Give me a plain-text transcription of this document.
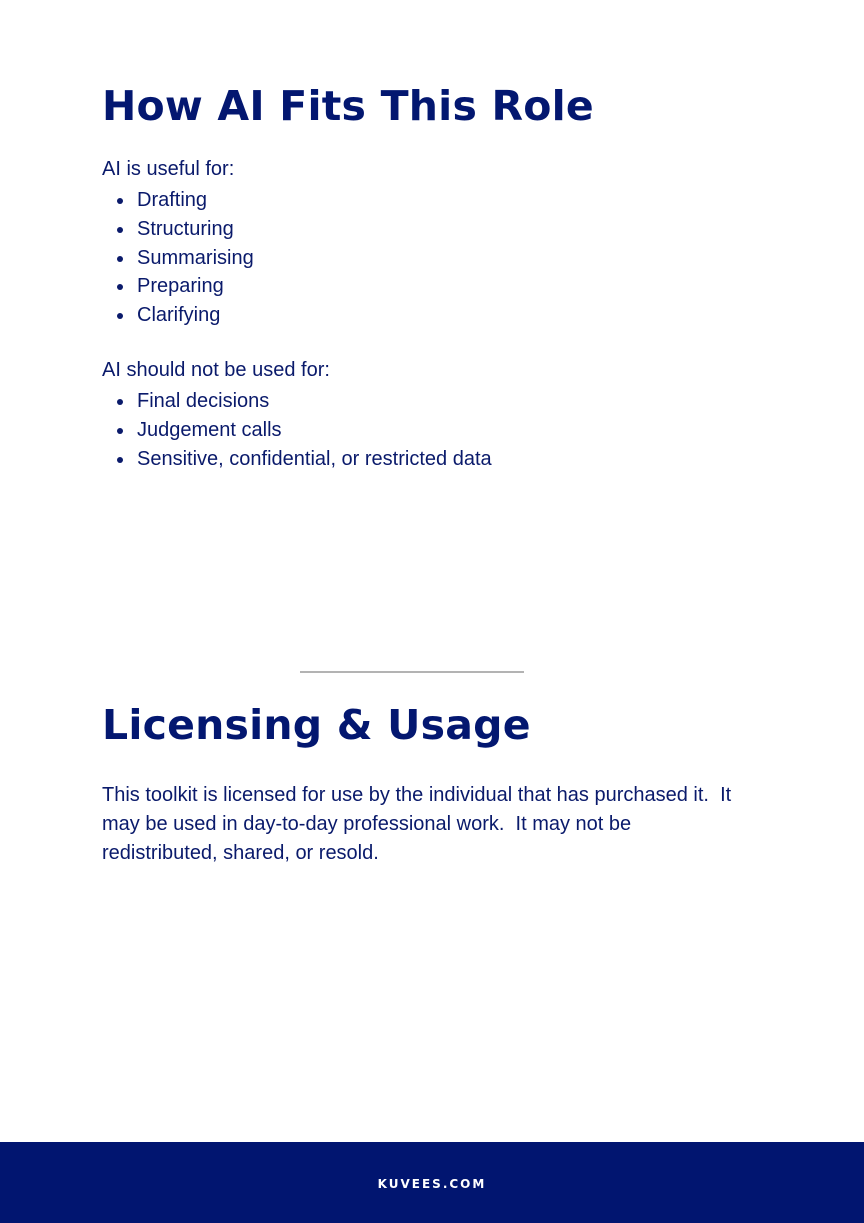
How AI Fits This Role

AI is useful for:

Drafting
Structuring
Summarising
Preparing
Clarifying

AI should not be used for:

Final decisions
Judgement calls
Sensitive, confidential, or restricted data
Licensing & Usage

This toolkit is licensed for use by the individual that has purchased it.  It
may be used in day-to-day professional work.  It may not be
redistributed, shared, or resold.

KUVEES.COM
